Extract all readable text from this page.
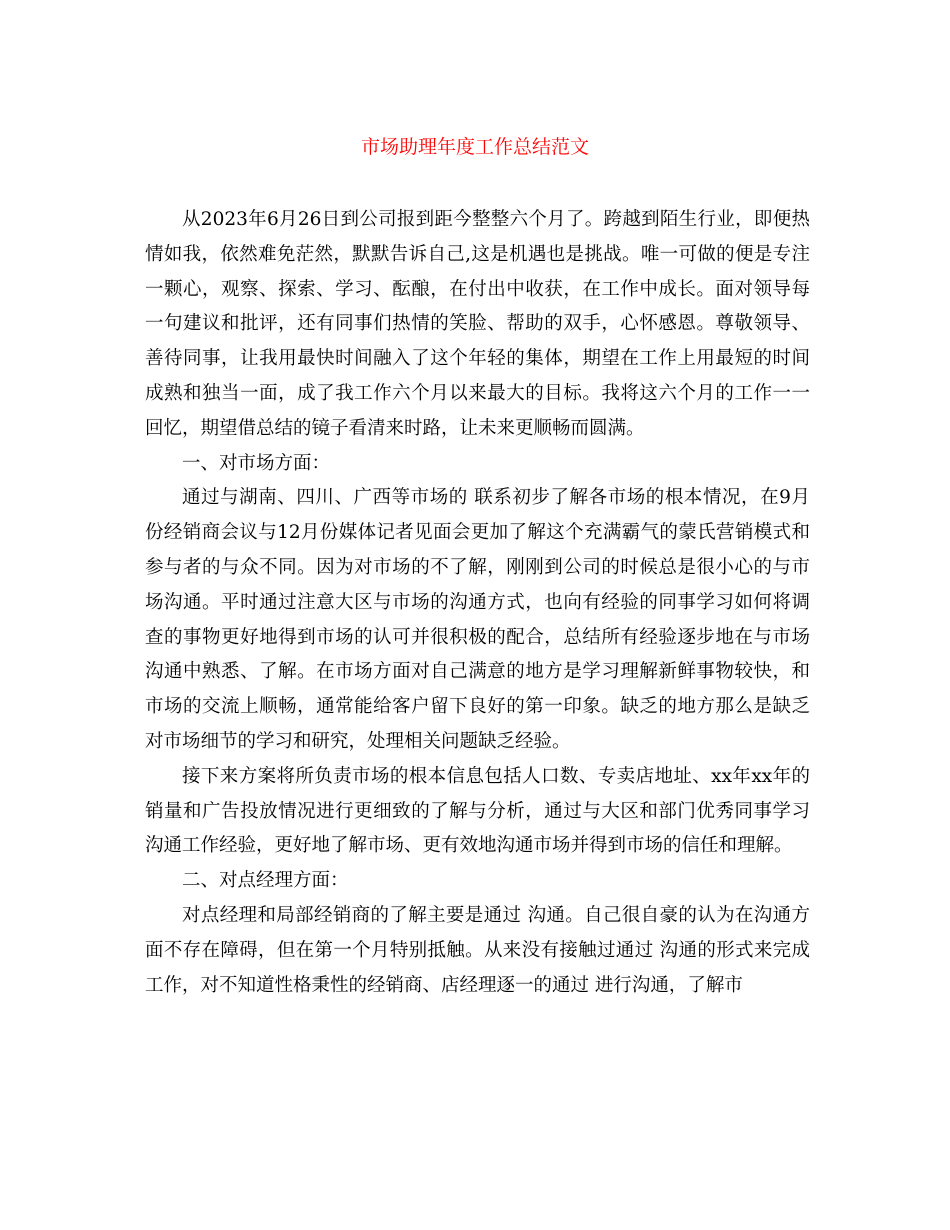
市场助理年度工作总结范文

从2023年6月26日到公司报到距今整整六个月了。跨越到陌生行业，即便热情如我，依然难免茫然，默默告诉自己,这是机遇也是挑战。唯一可做的便是专注一颗心，观察、探索、学习、酝酿，在付出中收获，在工作中成长。面对领导每一句建议和批评，还有同事们热情的笑脸、帮助的双手，心怀感恩。尊敬领导、善待同事，让我用最快时间融入了这个年轻的集体，期望在工作上用最短的时间成熟和独当一面，成了我工作六个月以来最大的目标。我将这六个月的工作一一回忆，期望借总结的镜子看清来时路，让未来更顺畅而圆满。

一、对市场方面：

通过与湖南、四川、广西等市场的 联系初步了解各市场的根本情况，在9月份经销商会议与12月份媒体记者见面会更加了解这个充满霸气的蒙氏营销模式和参与者的与众不同。因为对市场的不了解，刚刚到公司的时候总是很小心的与市场沟通。平时通过注意大区与市场的沟通方式，也向有经验的同事学习如何将调查的事物更好地得到市场的认可并很积极的配合，总结所有经验逐步地在与市场沟通中熟悉、了解。在市场方面对自己满意的地方是学习理解新鲜事物较快，和市场的交流上顺畅，通常能给客户留下良好的第一印象。缺乏的地方那么是缺乏对市场细节的学习和研究，处理相关问题缺乏经验。

接下来方案将所负责市场的根本信息包括人口数、专卖店地址、xx年xx年的销量和广告投放情况进行更细致的了解与分析，通过与大区和部门优秀同事学习沟通工作经验，更好地了解市场、更有效地沟通市场并得到市场的信任和理解。

二、对点经理方面：

对点经理和局部经销商的了解主要是通过 沟通。自己很自豪的认为在沟通方面不存在障碍，但在第一个月特别抵触。从来没有接触过通过 沟通的形式来完成工作，对不知道性格秉性的经销商、店经理逐一的通过 进行沟通，了解市
